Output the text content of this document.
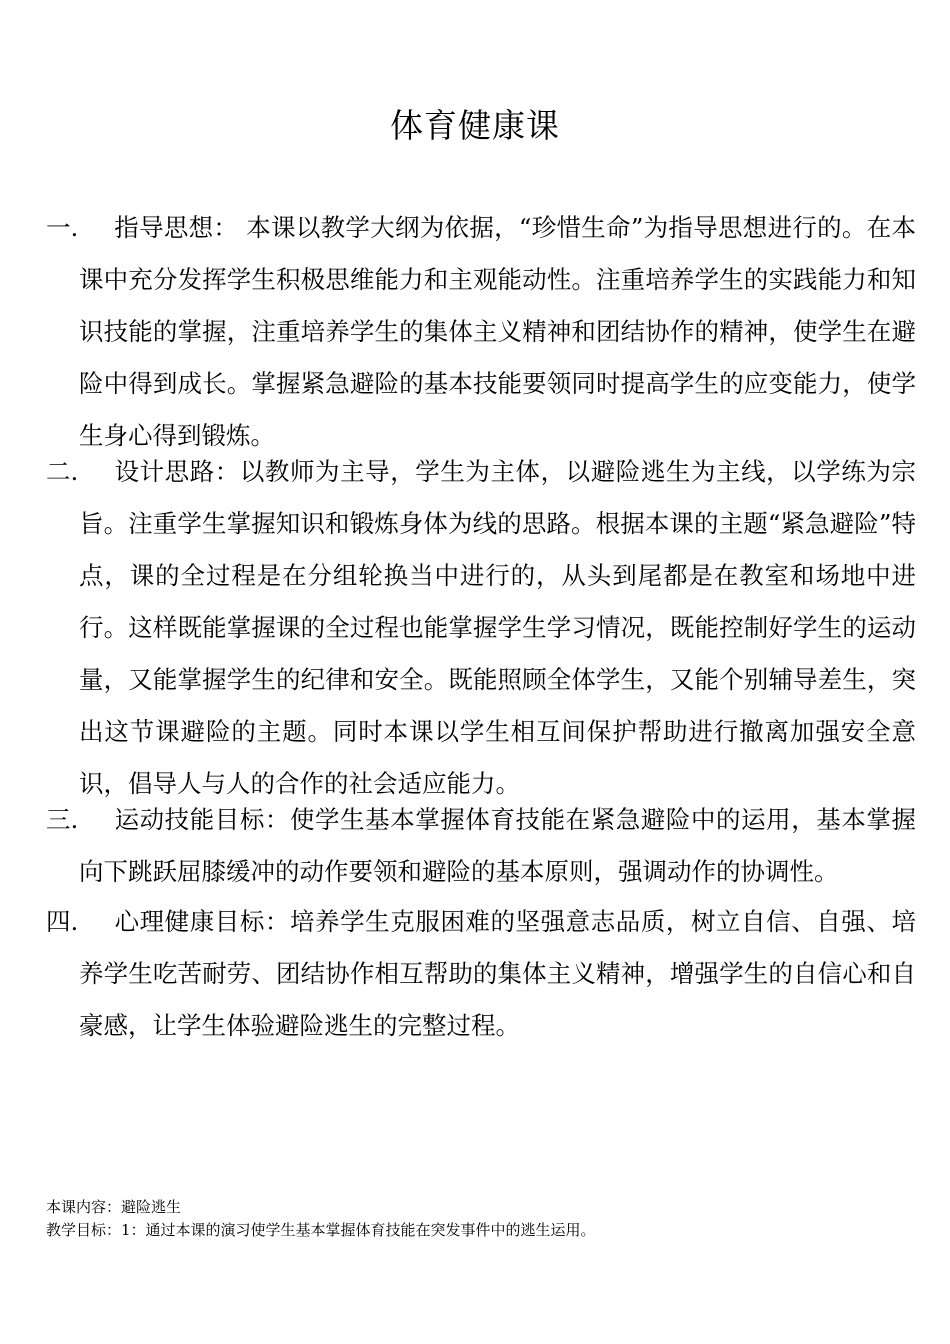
体育健康课
一. 指导思想： 本课以教学大纲为依据，“珍惜生命”为指导思想进行的。在本课中充分发挥学生积极思维能力和主观能动性。注重培养学生的实践能力和知识技能的掌握，注重培养学生的集体主义精神和团结协作的精神，使学生在避险中得到成长。掌握紧急避险的基本技能要领同时提高学生的应变能力，使学生身心得到锻炼。
二. 设计思路：以教师为主导，学生为主体，以避险逃生为主线，以学练为宗旨。注重学生掌握知识和锻炼身体为线的思路。根据本课的主题“紧急避险”特点，课的全过程是在分组轮换当中进行的，从头到尾都是在教室和场地中进行。这样既能掌握课的全过程也能掌握学生学习情况，既能控制好学生的运动量，又能掌握学生的纪律和安全。既能照顾全体学生，又能个别辅导差生，突出这节课避险的主题。同时本课以学生相互间保护帮助进行撤离加强安全意识，倡导人与人的合作的社会适应能力。
三. 运动技能目标：使学生基本掌握体育技能在紧急避险中的运用，基本掌握向下跳跃屈膝缓冲的动作要领和避险的基本原则，强调动作的协调性。
四. 心理健康目标：培养学生克服困难的坚强意志品质，树立自信、自强、培养学生吃苦耐劳、团结协作相互帮助的集体主义精神，增强学生的自信心和自豪感，让学生体验避险逃生的完整过程。
本课内容：避险逃生
教学目标：1：通过本课的演习使学生基本掌握体育技能在突发事件中的逃生运用。
